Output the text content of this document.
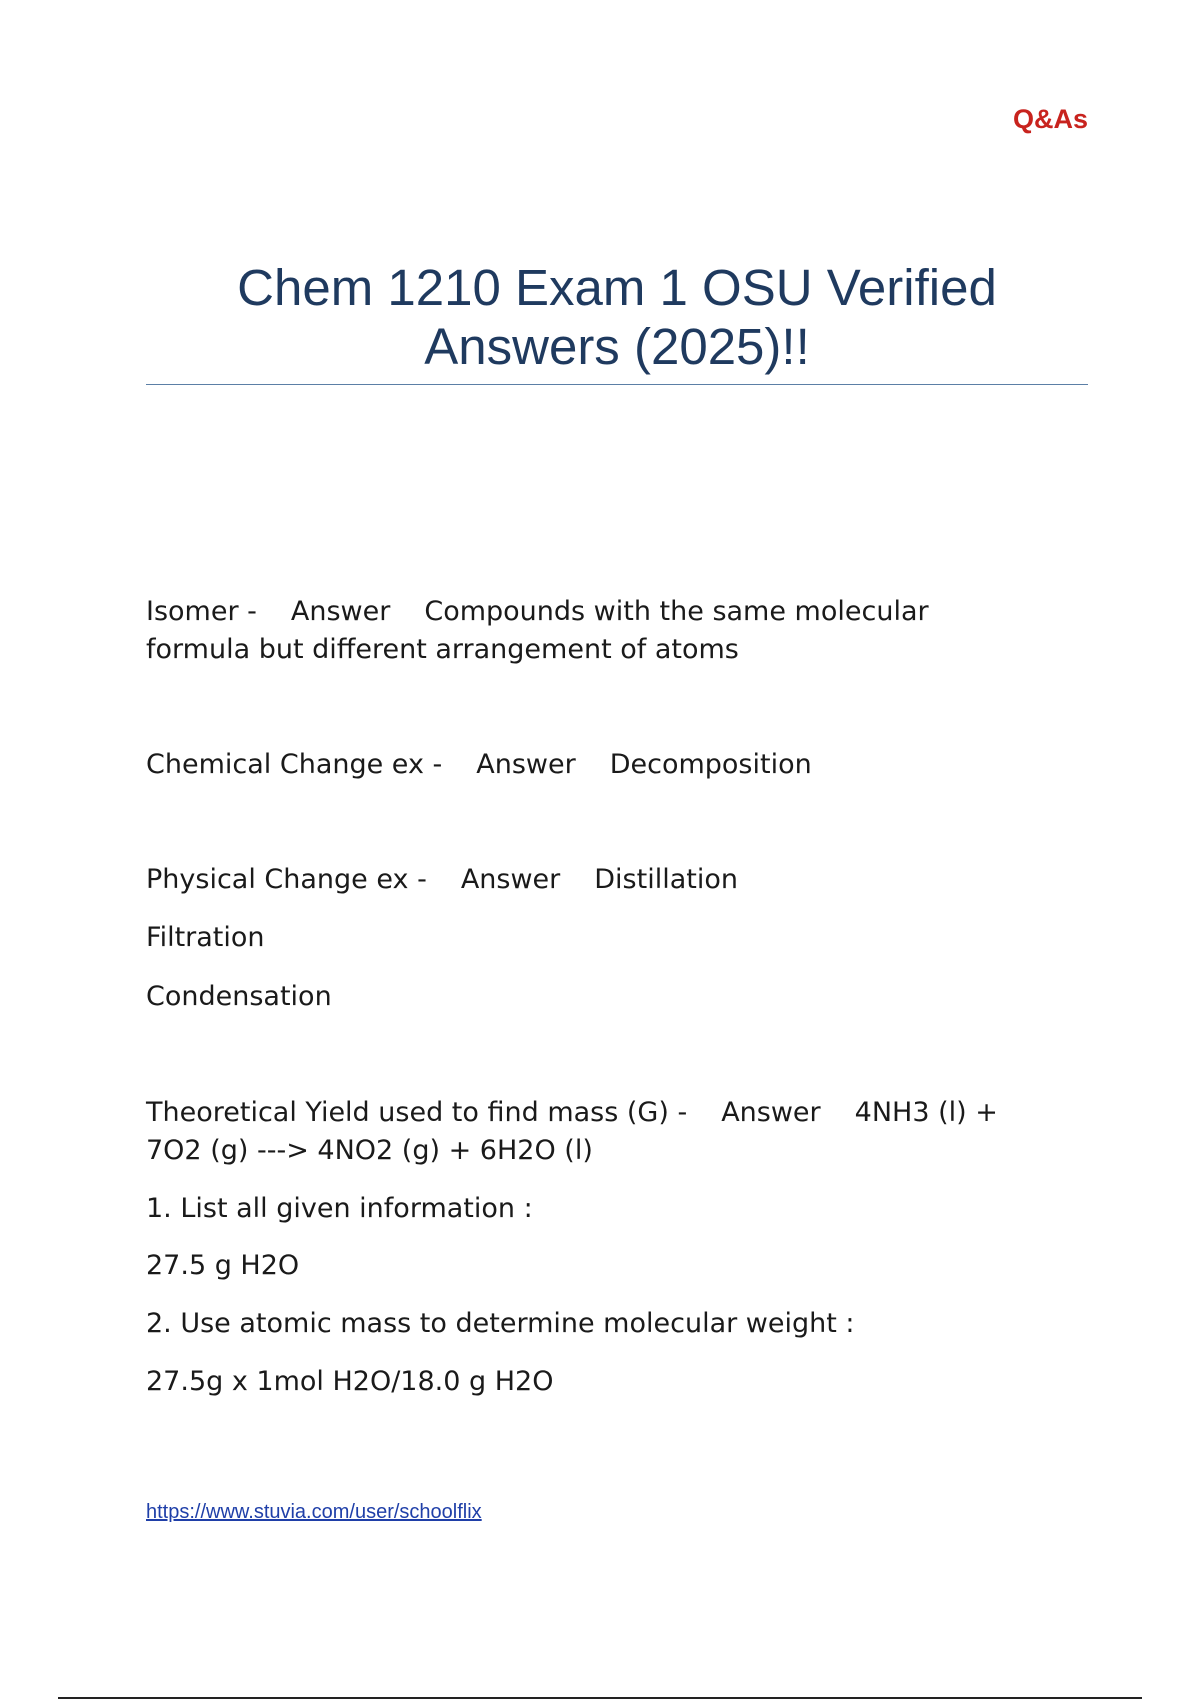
Q&As
Chem 1210 Exam 1 OSU Verified Answers (2025)!!
Isomer - Answer Compounds with the same molecular
formula but different arrangement of atoms
Chemical Change ex - Answer Decomposition
Physical Change ex - Answer Distillation
Filtration
Condensation
Theoretical Yield used to find mass (G) - Answer 4NH3 (l) +
7O2 (g) ---> 4NO2 (g) + 6H2O (l)
1. List all given information :
27.5 g H2O
2. Use atomic mass to determine molecular weight :
27.5g x 1mol H2O/18.0 g H2O
https://www.stuvia.com/user/schoolflix
